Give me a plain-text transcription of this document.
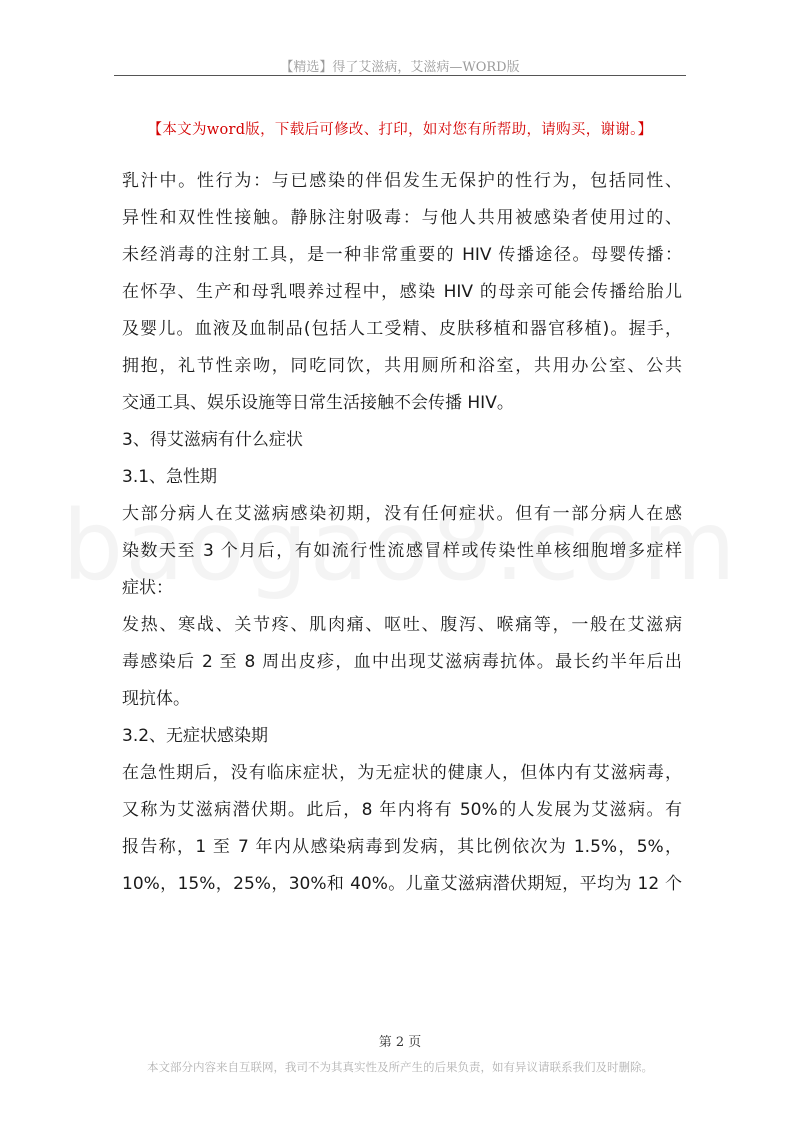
【精选】得了艾滋病，艾滋病—WORD版
【本文为word版，下载后可修改、打印，如对您有所帮助，请购买，谢谢。】
乳汁中。性行为：与已感染的伴侣发生无保护的性行为，包括同性、
异性和双性性接触。静脉注射吸毒：与他人共用被感染者使用过的、
未经消毒的注射工具，是一种非常重要的 HIV 传播途径。母婴传播：
在怀孕、生产和母乳喂养过程中，感染 HIV 的母亲可能会传播给胎儿
及婴儿。血液及血制品(包括人工受精、皮肤移植和器官移植)。握手，
拥抱，礼节性亲吻，同吃同饮，共用厕所和浴室，共用办公室、公共
交通工具、娱乐设施等日常生活接触不会传播 HIV。
3、得艾滋病有什么症状
3.1、急性期
大部分病人在艾滋病感染初期，没有任何症状。但有一部分病人在感
染数天至 3 个月后，有如流行性流感冒样或传染性单核细胞增多症样
症状：
发热、寒战、关节疼、肌肉痛、呕吐、腹泻、喉痛等，一般在艾滋病
毒感染后 2 至 8 周出皮疹，血中出现艾滋病毒抗体。最长约半年后出
现抗体。
3.2、无症状感染期
在急性期后，没有临床症状，为无症状的健康人，但体内有艾滋病毒，
又称为艾滋病潜伏期。此后，8 年内将有 50%的人发展为艾滋病。有
报告称，1 至 7 年内从感染病毒到发病，其比例依次为 1.5%，5%，
10%，15%，25%，30%和 40%。儿童艾滋病潜伏期短，平均为 12 个
第 2 页
本文部分内容来自互联网，我司不为其真实性及所产生的后果负责，如有异议请联系我们及时删除。
